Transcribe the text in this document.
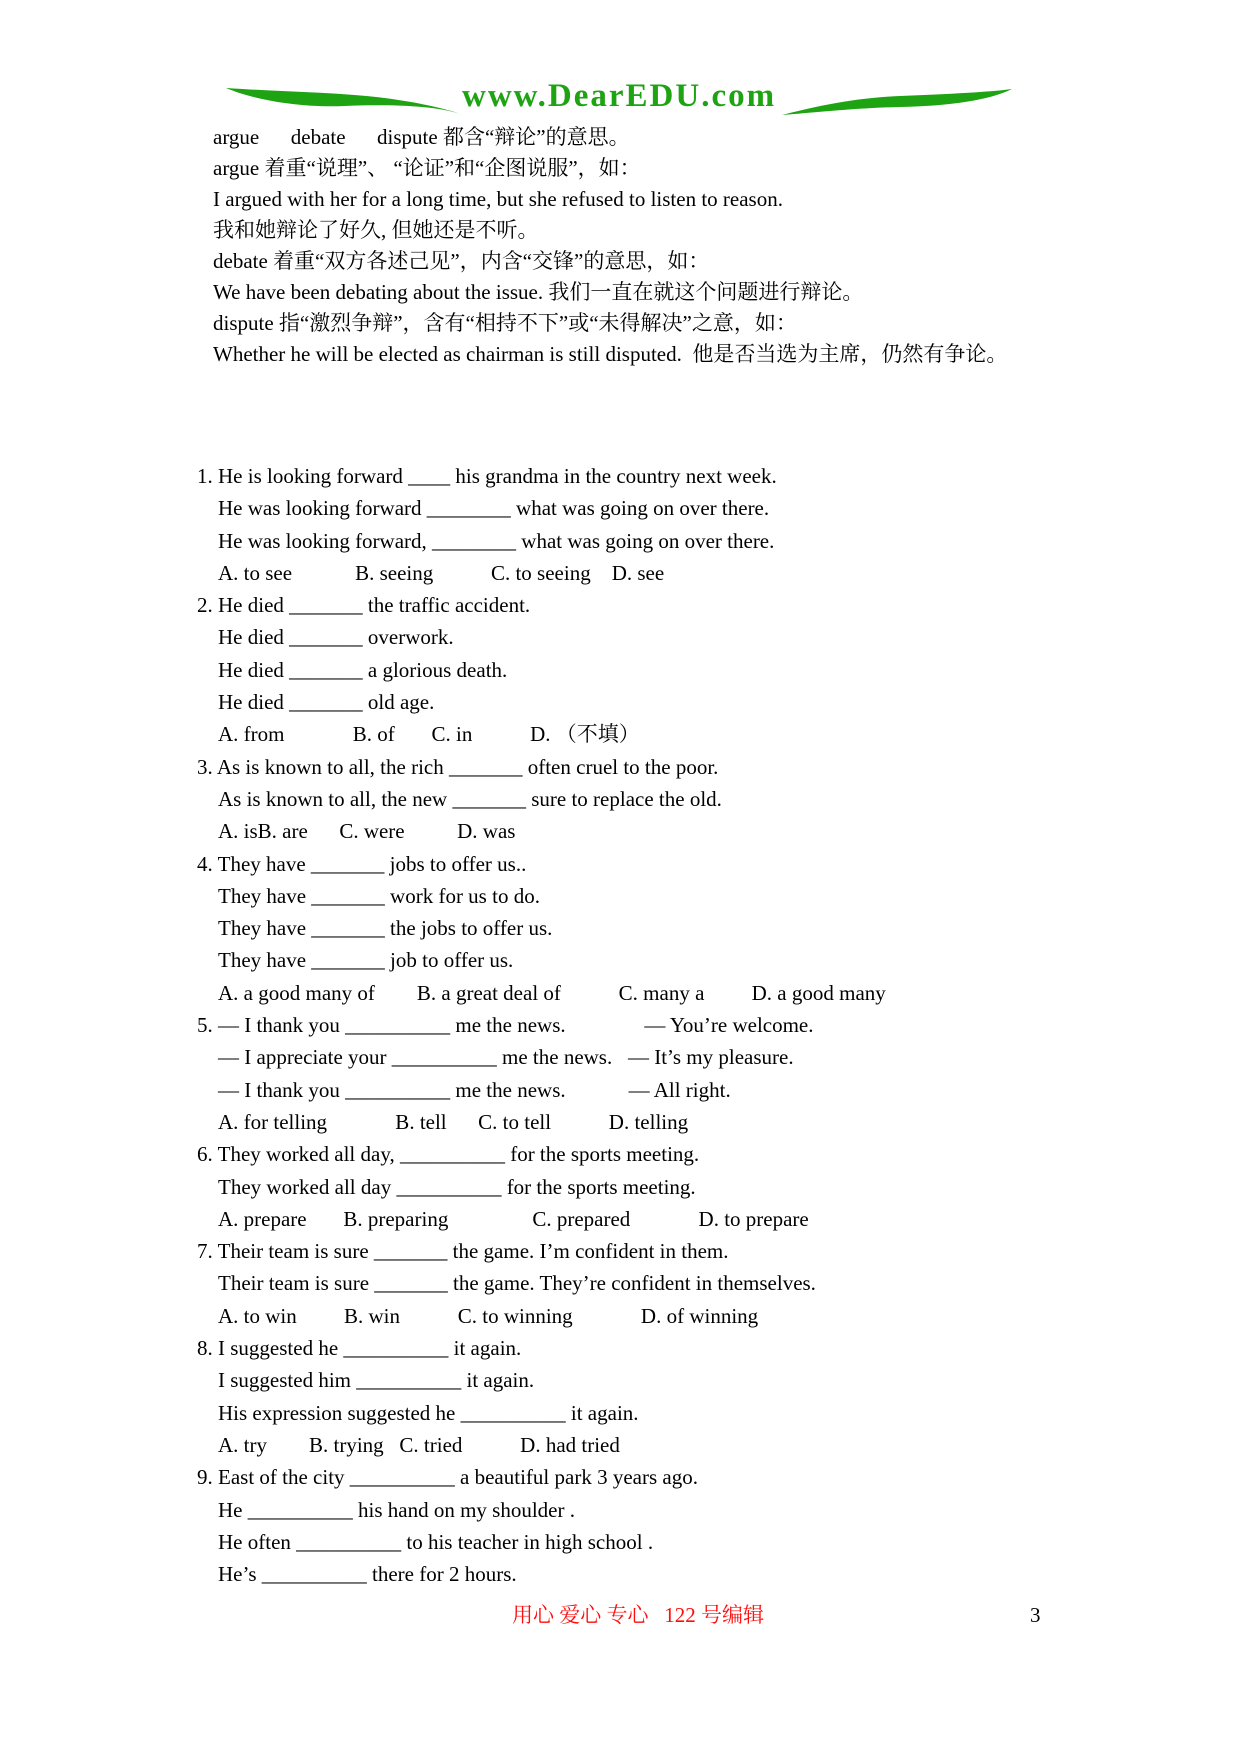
www.DearEDU.com
argue      debate      dispute 都含“辩论”的意思。
argue 着重“说理”、 “论证”和“企图说服”，如：
I argued with her for a long time, but she refused to listen to reason.
我和她辩论了好久, 但她还是不听。
debate 着重“双方各述己见”，内含“交锋”的意思，如：
We have been debating about the issue. 我们一直在就这个问题进行辩论。
dispute 指“激烈争辩”，含有“相持不下”或“未得解决”之意，如：
Whether he will be elected as chairman is still disputed.  他是否当选为主席，仍然有争论。
1. He is looking forward ____ his grandma in the country next week.
He was looking forward ________ what was going on over there.
He was looking forward, ________ what was going on over there.
A. to see            B. seeing           C. to seeing    D. see
2. He died _______ the traffic accident.
He died _______ overwork.
He died _______ a glorious death.
He died _______ old age.
A. from             B. of       C. in           D. （不填）
3. As is known to all, the rich _______ often cruel to the poor.
As is known to all, the new _______ sure to replace the old.
A. isB. are      C. were          D. was
4. They have _______ jobs to offer us..
They have _______ work for us to do.
They have _______ the jobs to offer us.
They have _______ job to offer us.
A. a good many of        B. a great deal of           C. many a         D. a good many
5. — I thank you __________ me the news.               — You’re welcome.
— I appreciate your __________ me the news.   — It’s my pleasure.
— I thank you __________ me the news.            — All right.
A. for telling             B. tell      C. to tell           D. telling
6. They worked all day, __________ for the sports meeting.
They worked all day __________ for the sports meeting.
A. prepare       B. preparing                C. prepared             D. to prepare
7. Their team is sure _______ the game. I’m confident in them.
Their team is sure _______ the game. They’re confident in themselves.
A. to win         B. win           C. to winning             D. of winning
8. I suggested he __________ it again.
I suggested him __________ it again.
His expression suggested he __________ it again.
A. try        B. trying   C. tried           D. had tried
9. East of the city __________ a beautiful park 3 years ago.
He __________ his hand on my shoulder .
He often __________ to his teacher in high school .
He’s __________ there for 2 hours.
用心 爱心 专心   122 号编辑	3
